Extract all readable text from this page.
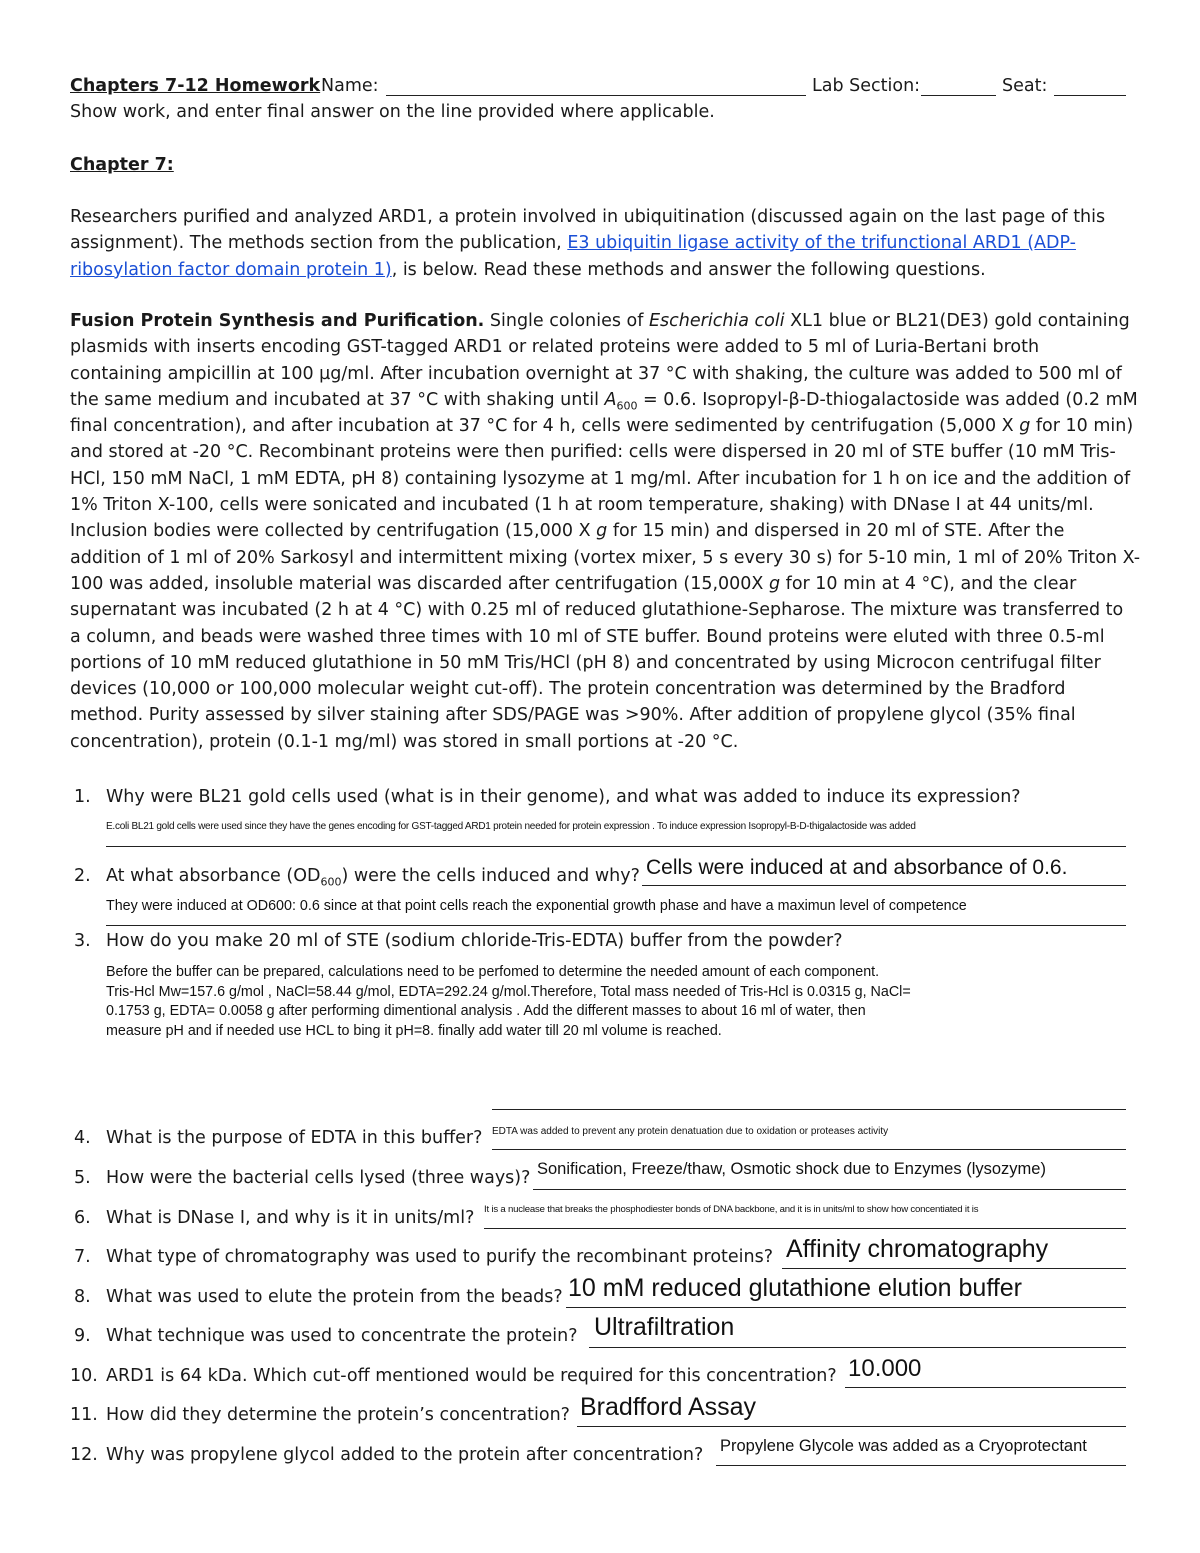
Chapters 7-12 Homework Name:	Lab Section:	Seat:
Show work, and enter final answer on the line provided where applicable.
Chapter 7:
Researchers purified and analyzed ARD1, a protein involved in ubiquitination (discussed again on the last page of this
assignment). The methods section from the publication, E3 ubiquitin ligase activity of the trifunctional ARD1 (ADP-
ribosylation factor domain protein 1), is below. Read these methods and answer the following questions.
Fusion Protein Synthesis and Purification. Single colonies of Escherichia coli XL1 blue or BL21(DE3) gold containing
plasmids with inserts encoding GST-tagged ARD1 or related proteins were added to 5 ml of Luria-Bertani broth
containing ampicillin at 100 µg/ml. After incubation overnight at 37 °C with shaking, the culture was added to 500 ml of
the same medium and incubated at 37 °C with shaking until $A_{600} = 0.6$. Isopropyl-β-D-thiogalactoside was added (0.2 mM
final concentration), and after incubation at 37 °C for 4 h, cells were sedimented by centrifugation (5,000 X g for 10 min)
and stored at -20 °C. Recombinant proteins were then purified: cells were dispersed in 20 ml of STE buffer (10 mM Tris-
HCl, 150 mM NaCl, 1 mM EDTA, pH 8) containing lysozyme at 1 mg/ml. After incubation for 1 h on ice and the addition of
1% Triton X-100, cells were sonicated and incubated (1 h at room temperature, shaking) with DNase I at 44 units/ml.
Inclusion bodies were collected by centrifugation (15,000 X g for 15 min) and dispersed in 20 ml of STE. After the
addition of 1 ml of 20% Sarkosyl and intermittent mixing (vortex mixer, 5 s every 30 s) for 5-10 min, 1 ml of 20% Triton X-
100 was added, insoluble material was discarded after centrifugation (15,000X g for 10 min at 4 °C), and the clear
supernatant was incubated (2 h at 4 °C) with 0.25 ml of reduced glutathione-Sepharose. The mixture was transferred to
a column, and beads were washed three times with 10 ml of STE buffer. Bound proteins were eluted with three 0.5-ml
portions of 10 mM reduced glutathione in 50 mM Tris/HCl (pH 8) and concentrated by using Microcon centrifugal filter
devices (10,000 or 100,000 molecular weight cut-off). The protein concentration was determined by the Bradford
method. Purity assessed by silver staining after SDS/PAGE was >90%. After addition of propylene glycol (35% final
concentration), protein (0.1-1 mg/ml) was stored in small portions at -20 °C.
1. Why were BL21 gold cells used (what is in their genome), and what was added to induce its expression?
E.coli BL21 gold cells were used since they have the genes encoding for GST-tagged ARD1 protein needed for protein expression . To induce expression Isopropyl-B-D-thigalactoside was added
2. At what absorbance $(OD_{600})$ were the cells induced and why? Cells were induced at and absorbance of 0.6.
They were induced at OD600: 0.6 since at that point cells reach the exponential growth phase and have a maximun level of competence
3. How do you make 20 ml of STE (sodium chloride-Tris-EDTA) buffer from the powder?
Before the buffer can be prepared, calculations need to be perfomed to determine the needed amount of each component.
Tris-Hcl Mw=157.6 g/mol , NaCl=58.44 g/mol, EDTA=292.24 g/mol.Therefore, Total mass needed of Tris-Hcl is 0.0315 g, NaCl=
0.1753 g, EDTA= 0.0058 g after performing dimentional analysis . Add the different masses to about 16 ml of water, then
measure pH and if needed use HCL to bing it pH=8. finally add water till 20 ml volume is reached.
4. What is the purpose of EDTA in this buffer? EDTA was added to prevent any protein denatuation due to oxidation or proteases activity
5. How were the bacterial cells lysed (three ways)? Sonification, Freeze/thaw, Osmotic shock due to Enzymes (lysozyme)
6. What is DNase I, and why is it in units/ml? It is a nuclease that breaks the phosphodiester bonds of DNA backbone, and it is in units/ml to show how concentiated it is
7. What type of chromatography was used to purify the recombinant proteins? Affinity chromatography
8. What was used to elute the protein from the beads? 10 mM reduced glutathione elution buffer
9. What technique was used to concentrate the protein? Ultrafiltration
10. ARD1 is 64 kDa. Which cut-off mentioned would be required for this concentration? 10.000
11. How did they determine the protein’s concentration? Bradfford Assay
12. Why was propylene glycol added to the protein after concentration? Propylene Glycole was added as a Cryoprotectant
